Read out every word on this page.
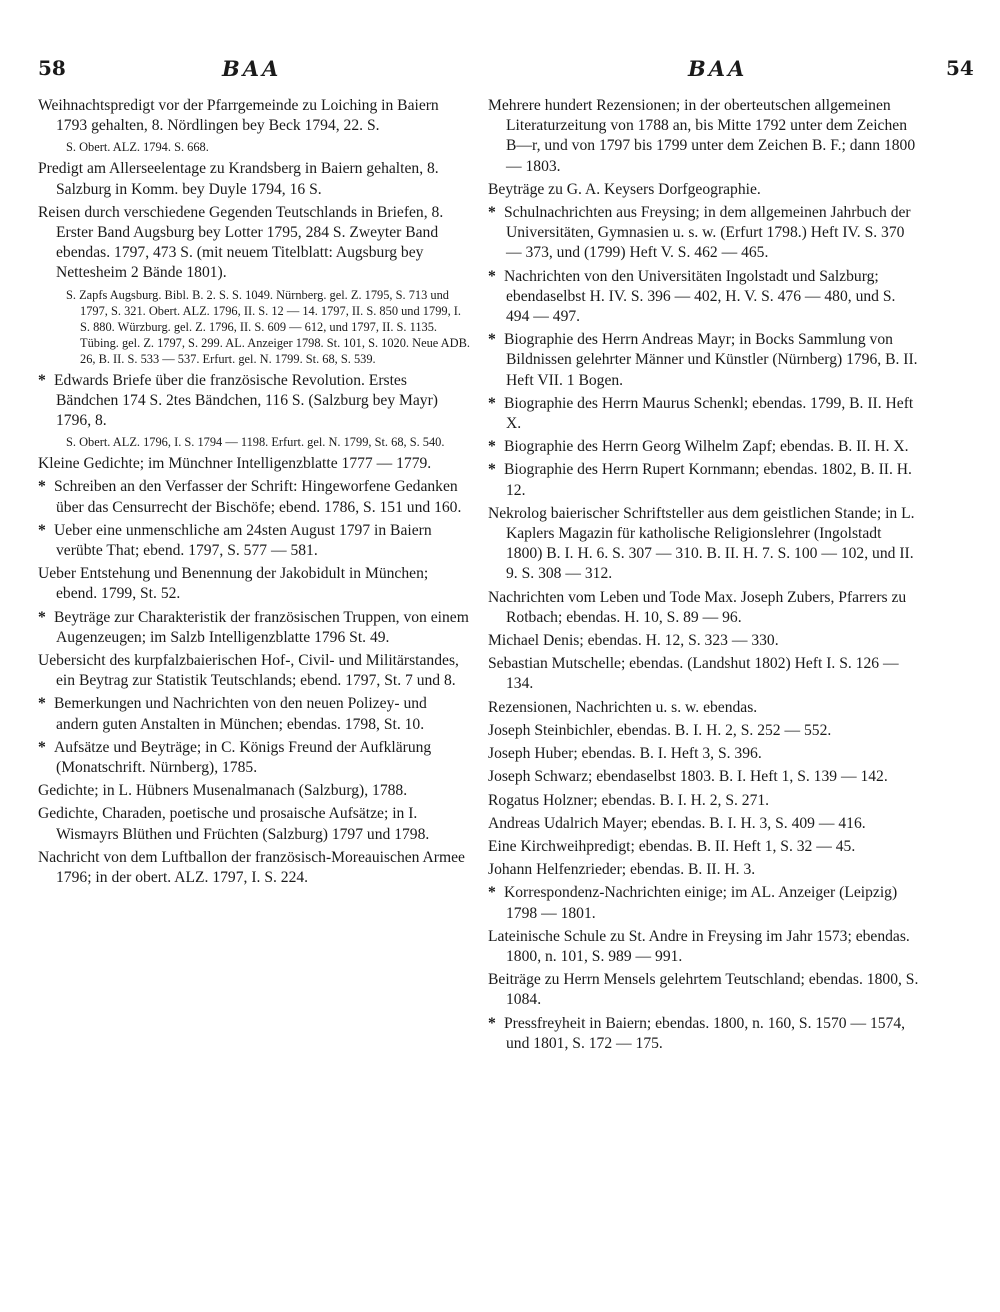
58	BAA	BAA	54
Weihnachtspredigt vor der Pfarrgemeinde zu Loiching in Baiern 1793 gehalten, 8. Nördlingen bey Beck 1794, 22. S.
S. Obert. ALZ. 1794. S. 668.
Predigt am Allerseelentage zu Krandsberg in Baiern gehalten, 8. Salzburg in Komm. bey Duyle 1794, 16 S.
Reisen durch verschiedene Gegenden Teutschlands in Briefen, 8. Erster Band Augsburg bey Lotter 1795, 284 S. Zweyter Band ebendas. 1797, 473 S. (mit neuem Titelblatt: Augsburg bey Nettesheim 2 Bände 1801).
S. Zapfs Augsburg. Bibl. B. 2. S. S. 1049. Nürnberg. gel. Z. 1795, S. 713 und 1797, S. 321. Obert. ALZ. 1796, II. S. 12 — 14. 1797, II. S. 850 und 1799, I. S. 880. Würzburg. gel. Z. 1796, II. S. 609 — 612, und 1797, II. S. 1135. Tübing. gel. Z. 1797, S. 299. AL. Anzeiger 1798. St. 101, S. 1020. Neue ADB. 26, B. II. S. 533 — 537. Erfurt. gel. N. 1799. St. 68, S. 539.
* Edwards Briefe über die französische Revolution. Erstes Bändchen 174 S. 2tes Bändchen, 116 S. (Salzburg bey Mayr) 1796, 8.
S. Obert. ALZ. 1796, I. S. 1794 — 1198. Erfurt. gel. N. 1799, St. 68, S. 540.
Kleine Gedichte; im Münchner Intelligenzblatte 1777 — 1779.
* Schreiben an den Verfasser der Schrift: Hingeworfene Gedanken über das Censurrecht der Bischöfe; ebend. 1786, S. 151 und 160.
* Ueber eine unmenschliche am 24sten August 1797 in Baiern verübte That; ebend. 1797, S. 577 — 581.
Ueber Entstehung und Benennung der Jakobidult in München; ebend. 1799, St. 52.
* Beyträge zur Charakteristik der französischen Truppen, von einem Augenzeugen; im Salzb Intelligenzblatte 1796 St. 49.
Uebersicht des kurpfalzbaierischen Hof-, Civil- und Militärstandes, ein Beytrag zur Statistik Teutschlands; ebend. 1797, St. 7 und 8.
* Bemerkungen und Nachrichten von den neuen Polizey- und andern guten Anstalten in München; ebendas. 1798, St. 10.
* Aufsätze und Beyträge; in C. Königs Freund der Aufklärung (Monatschrift. Nürnberg), 1785.
Gedichte; in L. Hübners Musenalmanach (Salzburg), 1788.
Gedichte, Charaden, poetische und prosaische Aufsätze; in I. Wismayrs Blüthen und Früchten (Salzburg) 1797 und 1798.
Nachricht von dem Luftballon der französisch-Moreauischen Armee 1796; in der obert. ALZ. 1797, I. S. 224.
Mehrere hundert Rezensionen; in der oberteutschen allgemeinen Literaturzeitung von 1788 an, bis Mitte 1792 unter dem Zeichen B—r, und von 1797 bis 1799 unter dem Zeichen B. F.; dann 1800 — 1803.
Beyträge zu G. A. Keysers Dorfgeographie.
* Schulnachrichten aus Freysing; in dem allgemeinen Jahrbuch der Universitäten, Gymnasien u. s. w. (Erfurt 1798.) Heft IV. S. 370 — 373, und (1799) Heft V. S. 462 — 465.
* Nachrichten von den Universitäten Ingolstadt und Salzburg; ebendaselbst H. IV. S. 396 — 402, H. V. S. 476 — 480, und S. 494 — 497.
* Biographie des Herrn Andreas Mayr; in Bocks Sammlung von Bildnissen gelehrter Männer und Künstler (Nürnberg) 1796, B. II. Heft VII. 1 Bogen.
* Biographie des Herrn Maurus Schenkl; ebendas. 1799, B. II. Heft X.
* Biographie des Herrn Georg Wilhelm Zapf; ebendas. B. II. H. X.
* Biographie des Herrn Rupert Kornmann; ebendas. 1802, B. II. H. 12.
Nekrolog baierischer Schriftsteller aus dem geistlichen Stande; in L. Kaplers Magazin für katholische Religionslehrer (Ingolstadt 1800) B. I. H. 6. S. 307 — 310. B. II. H. 7. S. 100 — 102, und II. 9. S. 308 — 312.
Nachrichten vom Leben und Tode Max. Joseph Zubers, Pfarrers zu Rotbach; ebendas. H. 10, S. 89 — 96.
Michael Denis; ebendas. H. 12, S. 323 — 330.
Sebastian Mutschelle; ebendas. (Landshut 1802) Heft I. S. 126 — 134.
Rezensionen, Nachrichten u. s. w. ebendas.
Joseph Steinbichler, ebendas. B. I. H. 2, S. 252 — 552.
Joseph Huber; ebendas. B. I. Heft 3, S. 396.
Joseph Schwarz; ebendaselbst 1803. B. I. Heft 1, S. 139 — 142.
Rogatus Holzner; ebendas. B. I. H. 2, S. 271.
Andreas Udalrich Mayer; ebendas. B. I. H. 3, S. 409 — 416.
Eine Kirchweihpredigt; ebendas. B. II. Heft 1, S. 32 — 45.
Johann Helfenzrieder; ebendas. B. II. H. 3.
* Korrespondenz-Nachrichten einige; im AL. Anzeiger (Leipzig) 1798 — 1801.
Lateinische Schule zu St. Andre in Freysing im Jahr 1573; ebendas. 1800, n. 101, S. 989 — 991.
Beiträge zu Herrn Mensels gelehrtem Teutschland; ebendas. 1800, S. 1084.
* Pressfreyheit in Baiern; ebendas. 1800, n. 160, S. 1570 — 1574, und 1801, S. 172 — 175.
